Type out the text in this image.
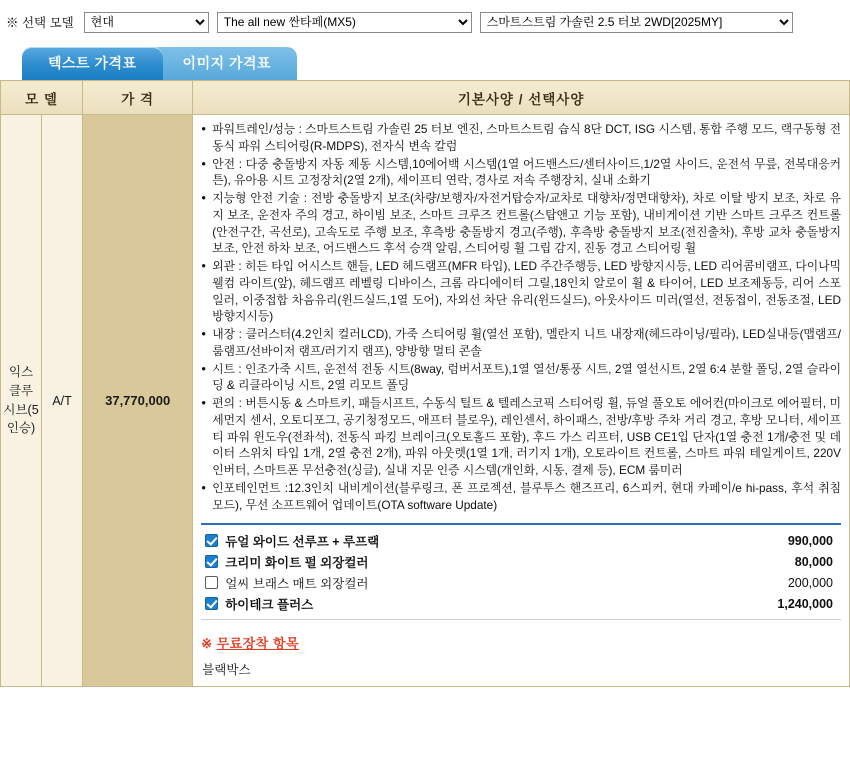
※ 선택 모델
현대
The all new 싼타페(MX5)
스마트스트림 가솔린 2.5 터보 2WD[2025MY]
텍스트 가격표	이미지 가격표
모 델		가 격	기본사양 / 선택사양
익스클루시브(5인승)	A/T	37,770,000	
● 파워트레인/성능 : 스마트스트림 가솔린 25 터보 엔진, 스마트스트림 습식 8단 DCT, ISG 시스템, 통합 주행 모드, 랙구동형 전동식 파워 스티어링(R-MDPS), 전자식 변속 칼럼
● 안전 : 다중 충돌방지 자동 제동 시스템,10에어백 시스템(1열 어드밴스드/센터사이드,1/2열 사이드, 운전석 무릎, 전복대응커튼), 유아용 시트 고정장치(2열 2개), 세이프티 연락, 경사로 저속 주행장치, 실내 소화기
● 지능형 안전 기술 : 전방 충돌방지 보조(차량/보행자/자전거탑승자/교차로 대향차/정면대향차), 차로 이탈 방지 보조, 차로 유지 보조, 운전자 주의 경고, 하이빔 보조, 스마트 크루즈 컨트롤(스탑앤고 기능 포함), 내비게이션 기반 스마트 크루즈 컨트롤(안전구간, 곡선로), 고속도로 주행 보조, 후측방 충돌방지 경고(주행), 후측방 충돌방지 보조(전진출차), 후방 교차 충돌방지 보조, 안전 하차 보조, 어드밴스드 후석 승객 알림, 스티어링 휠 그립 감지, 진동 경고 스티어링 휠
● 외관 : 히든 타입 어시스트 핸들, LED 헤드램프(MFR 타입), LED 주간주행등, LED 방향지시등, LED 리어콤비램프, 다이나믹 웰컴 라이트(앞), 헤드램프 레벨링 디바이스, 크롬 라디에이터 그릴,18인치 알로이 휠 & 타이어, LED 보조제동등, 리어 스포일러, 이중접합 차음유리(윈드실드,1열 도어), 자외선 차단 유리(윈드실드), 아웃사이드 미러(열선, 전동접이, 전동조절, LED 방향지시등)
● 내장 : 클러스터(4.2인치 컬러LCD), 가죽 스티어링 휠(열선 포함), 멜란지 니트 내장재(헤드라이닝/필라), LED실내등(맵램프/룸램프/선바이저 램프/러기지 램프), 양방향 멀티 콘솔
● 시트 : 인조가죽 시트, 운전석 전동 시트(8way, 럼버서포트),1열 열선/통풍 시트, 2열 열선시트, 2열 6:4 분할 폴딩, 2열 슬라이딩 & 리클라이닝 시트, 2열 리모트 폴딩
● 편의 : 버튼시동 & 스마트키, 패들시프트, 수동식 틸트 & 텔레스코픽 스티어링 휠, 듀얼 풀오토 에어컨(마이크로 에어필터, 미세먼지 센서, 오토디포그, 공기청정모드, 애프터 블로우), 레인센서, 하이패스, 전방/후방 주차 거리 경고, 후방 모니터, 세이프티 파워 윈도우(전좌석), 전동식 파킹 브레이크(오토홀드 포함), 후드 가스 리프터, USB CE1입 단자(1열 충전 1개/충전 및 데이터 스위치 타입 1개, 2열 충전 2개), 파워 아웃렛(1열 1개, 러기지 1개), 오토라이트 컨트롤, 스마트 파워 테일게이트, 220V인버터, 스마트폰 무선충전(싱글), 실내 지문 인증 시스템(개인화, 시동, 결제 등), ECM 룸미러
● 인포테인먼트 :12.3인치 내비게이션(블루링크, 폰 프로젝션, 블루투스 핸즈프리, 6스피커, 현대 카페이/e hi-pass, 후석 취침모드), 무선 소프트웨어 업데이트(OTA software Update)
듀얼 와이드 선루프 + 루프랙	990,000
크리미 화이트 펄 외장컬러	80,000
얼씨 브래스 매트 외장컬러	200,000
하이테크 플러스	1,240,000
※ 무료장착 항목
블랙박스
